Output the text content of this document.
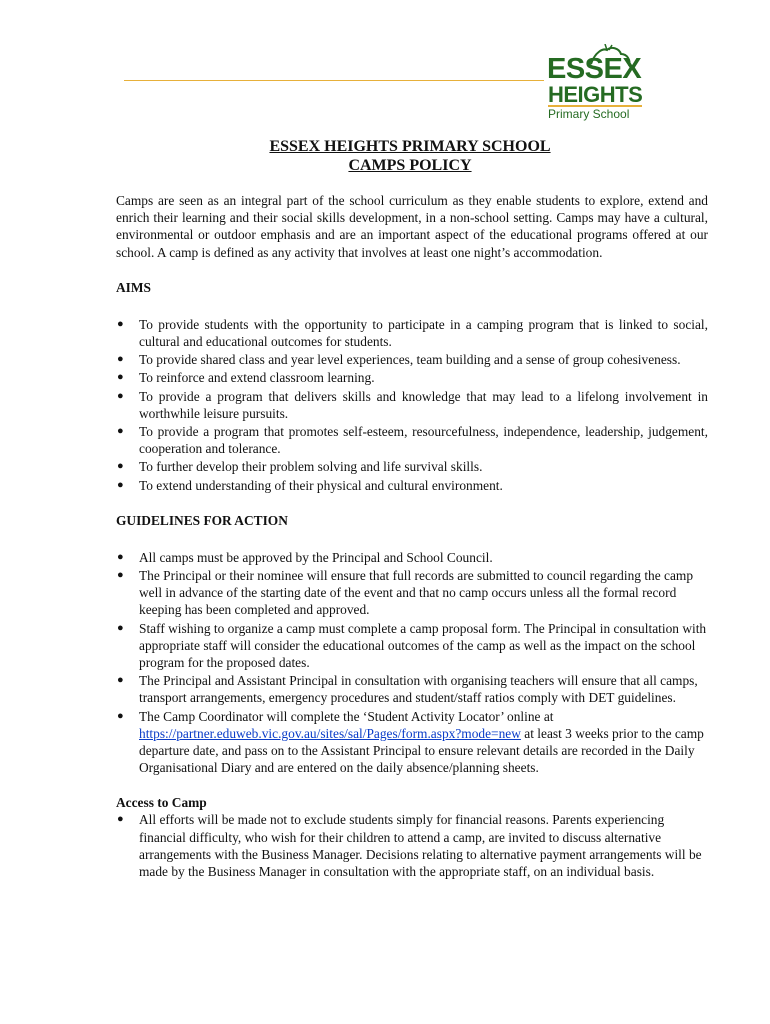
ESSEX
HEIGHTS
Primary School
ESSEX HEIGHTS PRIMARY SCHOOL
CAMPS POLICY

Camps are seen as an integral part of the school curriculum as they enable students to explore, extend and enrich their learning and their social skills development, in a non-school setting. Camps may have a cultural, environmental or outdoor emphasis and are an important aspect of the educational programs offered at our school. A camp is defined as any activity that involves at least one night’s accommodation.

AIMS
● To provide students with the opportunity to participate in a camping program that is linked to social, cultural and educational outcomes for students.
● To provide shared class and year level experiences, team building and a sense of group cohesiveness.
● To reinforce and extend classroom learning.
● To provide a program that delivers skills and knowledge that may lead to a lifelong involvement in worthwhile leisure pursuits.
● To provide a program that promotes self-esteem, resourcefulness, independence, leadership, judgement, cooperation and tolerance.
● To further develop their problem solving and life survival skills.
● To extend understanding of their physical and cultural environment.
GUIDELINES FOR ACTION
● All camps must be approved by the Principal and School Council.
● The Principal or their nominee will ensure that full records are submitted to council regarding the camp well in advance of the starting date of the event and that no camp occurs unless all the formal record keeping has been completed and approved.
● Staff wishing to organize a camp must complete a camp proposal form. The Principal in consultation with appropriate staff will consider the educational outcomes of the camp as well as the impact on the school program for the proposed dates.
● The Principal and Assistant Principal in consultation with organising teachers will ensure that all camps, transport arrangements, emergency procedures and student/staff ratios comply with DET guidelines.
● The Camp Coordinator will complete the ‘Student Activity Locator’ online at https://partner.eduweb.vic.gov.au/sites/sal/Pages/form.aspx?mode=new at least 3 weeks prior to the camp departure date, and pass on to the Assistant Principal to ensure relevant details are recorded in the Daily Organisational Diary and are entered on the daily absence/planning sheets.
Access to Camp
● All efforts will be made not to exclude students simply for financial reasons. Parents experiencing financial difficulty, who wish for their children to attend a camp, are invited to discuss alternative arrangements with the Business Manager. Decisions relating to alternative payment arrangements will be made by the Business Manager in consultation with the appropriate staff, on an individual basis.
